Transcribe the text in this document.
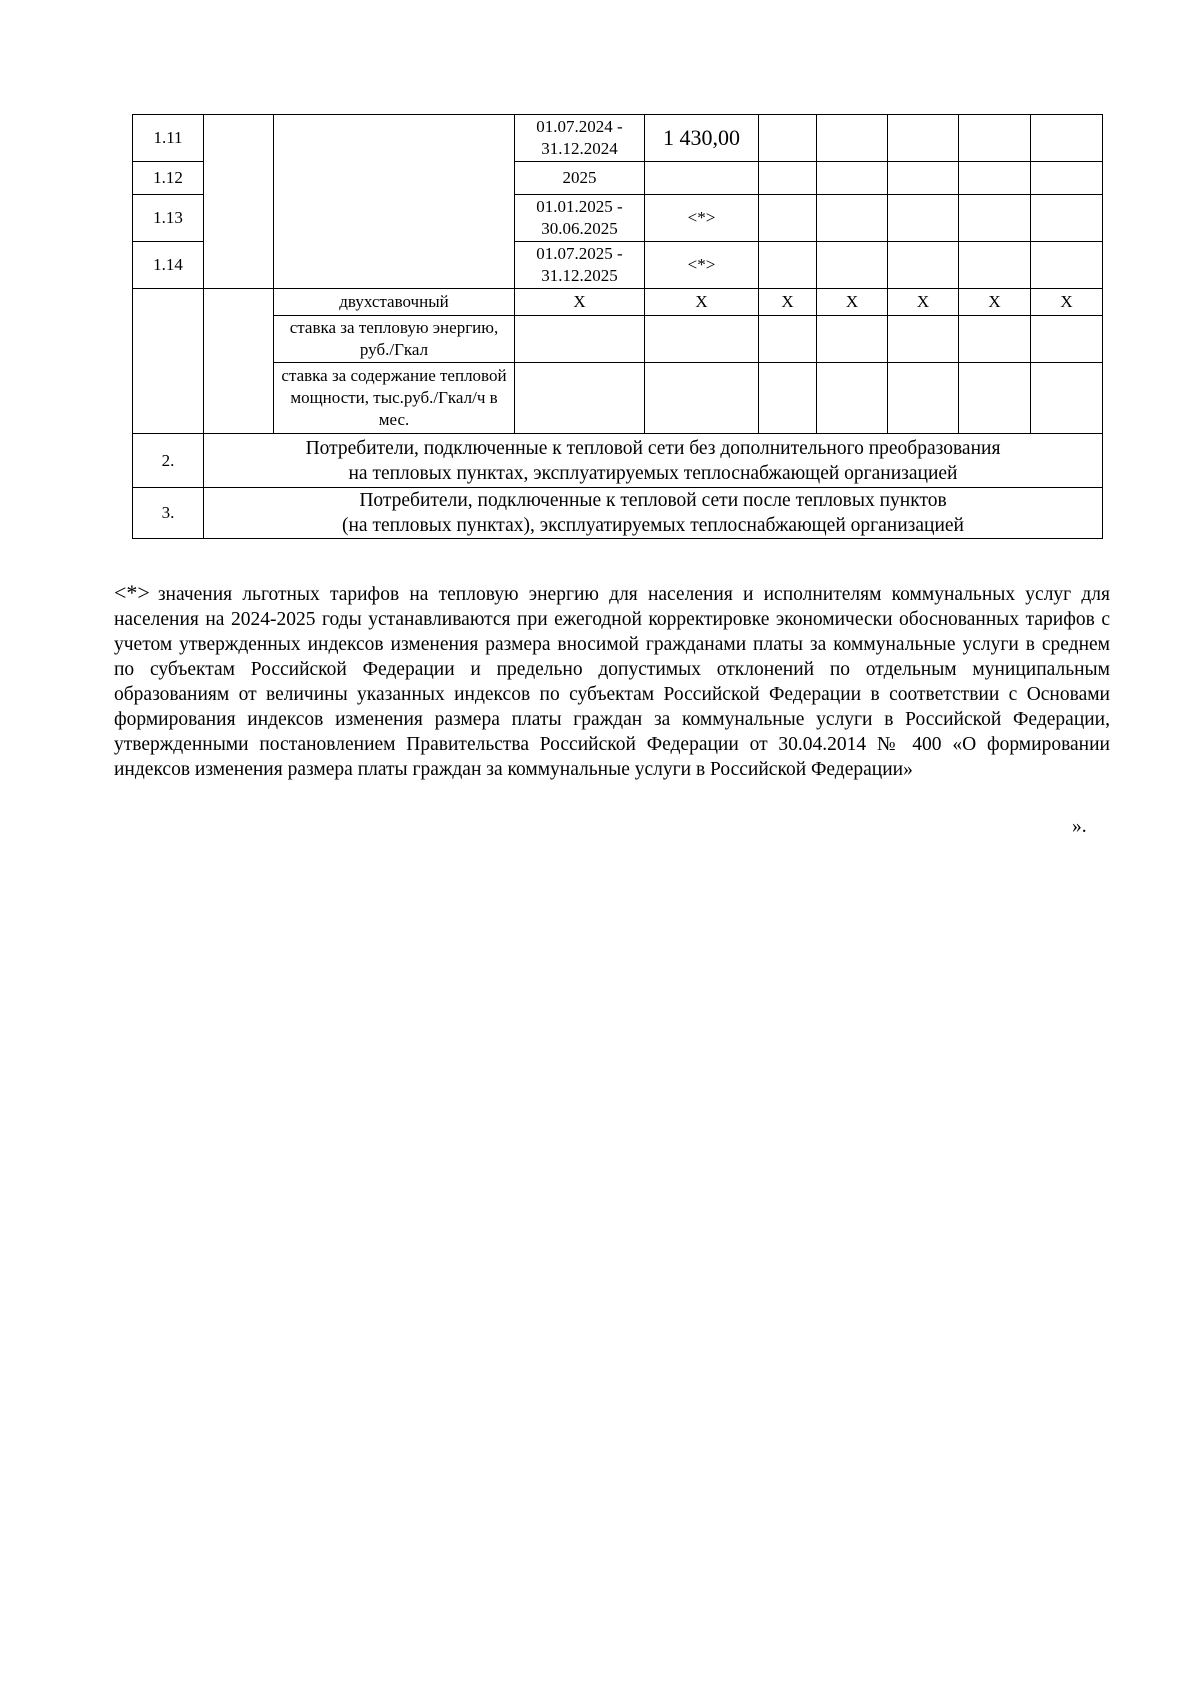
1.11			01.07.2024 - 31.12.2024	1 430,00					
1.12			2025						
1.13			01.01.2025 - 30.06.2025	<*>					
1.14			01.07.2025 - 31.12.2025	<*>					
		двухставочный	X	X	X	X	X	X	X
		ставка за тепловую энергию, руб./Гкал							
		ставка за содержание тепловой мощности, тыс.руб./Гкал/ч в мес.							
2.	Потребители, подключенные к тепловой сети без дополнительного преобразования
на тепловых пунктах, эксплуатируемых теплоснабжающей организацией								

3.	Потребители, подключенные к тепловой сети после тепловых пунктов
(на тепловых пунктах), эксплуатируемых теплоснабжающей организацией								

<*> значения льготных тарифов на тепловую энергию для населения и исполнителям коммунальных услуг для населения на 2024-2025 годы устанавливаются при ежегодной корректировке экономически обоснованных тарифов с учетом утвержденных индексов изменения размера вносимой гражданами платы за коммунальные услуги в среднем по субъектам Российской Федерации и предельно допустимых отклонений по отдельным муниципальным образованиям от величины указанных индексов по субъектам Российской Федерации в соответствии с Основами формирования индексов изменения размера платы граждан за коммунальные услуги в Российской Федерации, утвержденными постановлением Правительства Российской Федерации от 30.04.2014 № 400 «О формировании индексов изменения размера платы граждан за коммунальные услуги в Российской Федерации»

».
